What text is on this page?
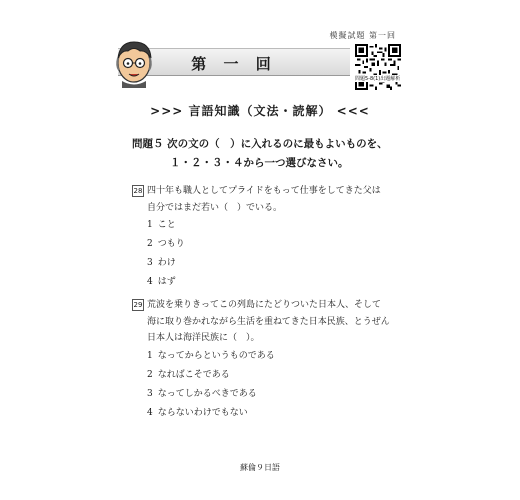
模擬試題 第一回
第 一 回
問題5-8(1)出題解析
>>> 言語知識（文法・読解） <<<
問題５ 次の文の（　）に入れるのに最もよいものを、
１・２・３・４から一つ選びなさい。
28 四十年も職人としてプライドをもって仕事をしてきた父は
自分ではまだ若い（　）でいる。
1 こと
2 つもり
3 わけ
4 はず
29 荒波を乗りきってこの列島にたどりついた日本人、そして
海に取り巻かれながら生活を重ねてきた日本民族、とうぜん
日本人は海洋民族に（　）。
1 なってからというものである
2 なればこそである
3 なってしかるべきである
4 ならないわけでもない
蘇倫９日語
